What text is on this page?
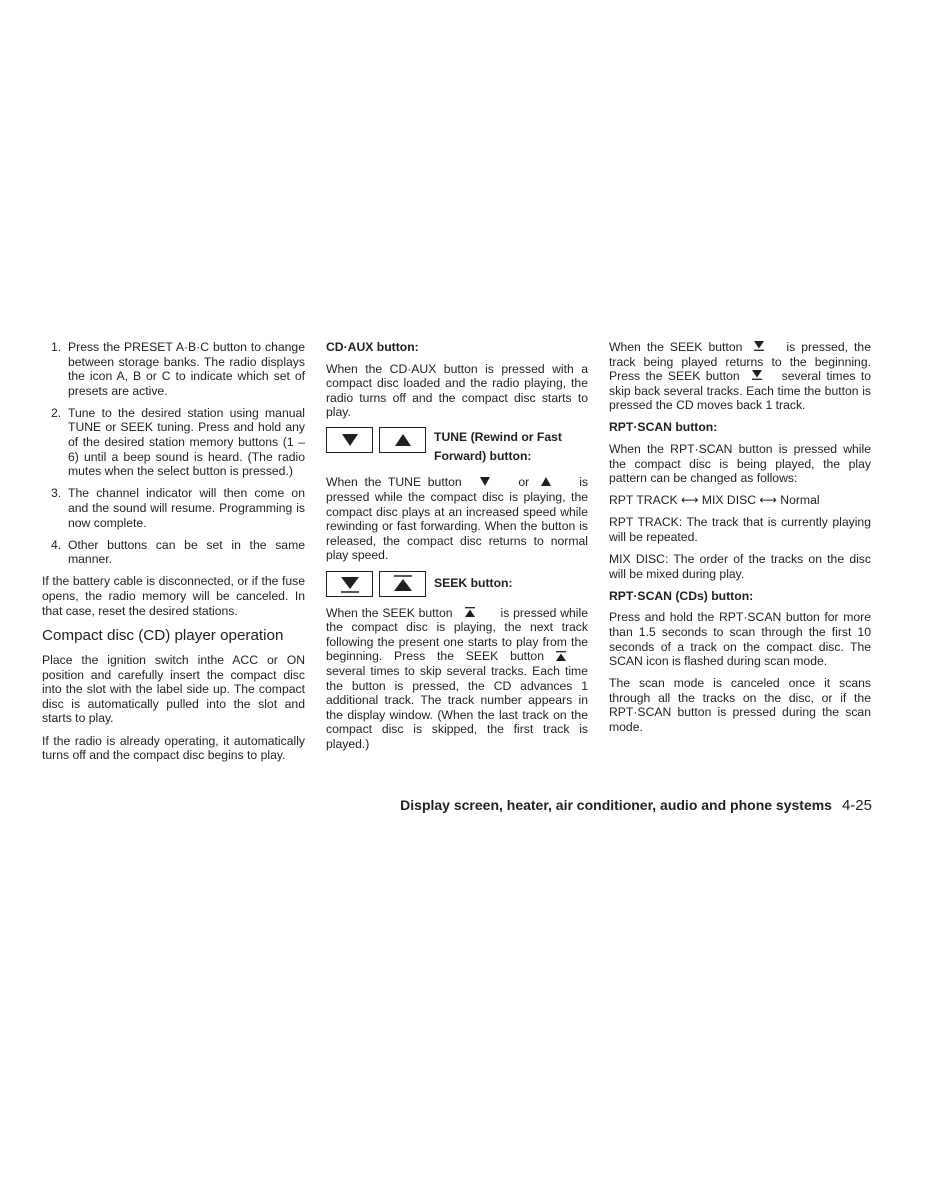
1. Press the PRESET A·B·C button to change between storage banks. The radio displays the icon A, B or C to indicate which set of presets are active.
2. Tune to the desired station using manual TUNE or SEEK tuning. Press and hold any of the desired station memory buttons (1 – 6) until a beep sound is heard. (The radio mutes when the select button is pressed.)
3. The channel indicator will then come on and the sound will resume. Programming is now complete.
4. Other buttons can be set in the same manner.

If the battery cable is disconnected, or if the fuse opens, the radio memory will be canceled. In that case, reset the desired stations.

Compact disc (CD) player operation

Place the ignition switch inthe ACC or ON position and carefully insert the compact disc into the slot with the label side up. The compact disc is automatically pulled into the slot and starts to play.

If the radio is already operating, it automatically turns off and the compact disc begins to play.

CD·AUX button:

When the CD·AUX button is pressed with a compact disc loaded and the radio playing, the radio turns off and the compact disc starts to play.

TUNE (Rewind or Fast
Forward) button:

When the TUNE button	or	is pressed while the compact disc is playing, the compact disc plays at an increased speed while rewinding or fast forwarding. When the button is released, the compact disc returns to normal play speed.

SEEK button:

When the SEEK button	is pressed while the compact disc is playing, the next track following the present one starts to play from the beginning. Press the SEEK buttonseveral times to skip several tracks. Each time the button is pressed, the CD advances 1 additional track. The track number appears in the display window. (When the last track on the compact disc is skipped, the first track is played.)

When the SEEK button	is pressed, the track being played returns to the beginning. Press the SEEK button	several times to skip back several tracks. Each time the button is pressed the CD moves back 1 track.

RPT·SCAN button:

When the RPT·SCAN button is pressed while the compact disc is being played, the play pattern can be changed as follows:

RPT TRACK ⟷ MIX DISC ⟷ Normal

RPT TRACK: The track that is currently playing will be repeated.

MIX DISC: The order of the tracks on the disc will be mixed during play.

RPT·SCAN (CDs) button:

Press and hold the RPT·SCAN button for more than 1.5 seconds to scan through the first 10 seconds of a track on the compact disc. The SCAN icon is flashed during scan mode.

The scan mode is canceled once it scans through all the tracks on the disc, or if the RPT·SCAN button is pressed during the scan mode.

Display screen, heater, air conditioner, audio and phone systems 4-25
